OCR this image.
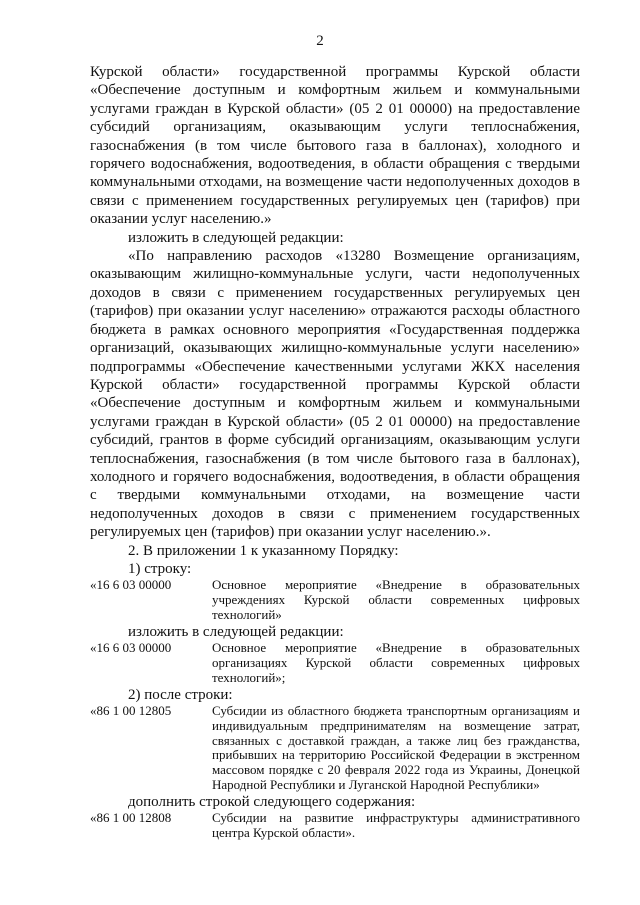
2

Курской области» государственной программы Курской области «Обеспечение доступным и комфортным жильем и коммунальными услугами граждан в Курской области» (05 2 01 00000) на предоставление субсидий организациям, оказывающим услуги теплоснабжения, газоснабжения (в том числе бытового газа в баллонах), холодного и горячего водоснабжения, водоотведения, в области обращения с твердыми коммунальными отходами, на возмещение части недополученных доходов в связи с применением государственных регулируемых цен (тарифов) при оказании услуг населению.»

изложить в следующей редакции:

«По направлению расходов «13280 Возмещение организациям, оказывающим жилищно-коммунальные услуги, части недополученных доходов в связи с применением государственных регулируемых цен (тарифов) при оказании услуг населению» отражаются расходы областного бюджета в рамках основного мероприятия «Государственная поддержка организаций, оказывающих жилищно-коммунальные услуги населению» подпрограммы «Обеспечение качественными услугами ЖКХ населения Курской области» государственной программы Курской области «Обеспечение доступным и комфортным жильем и коммунальными услугами граждан в Курской области» (05 2 01 00000) на предоставление субсидий, грантов в форме субсидий организациям, оказывающим услуги теплоснабжения, газоснабжения (в том числе бытового газа в баллонах), холодного и горячего водоснабжения, водоотведения, в области обращения с твердыми коммунальными отходами, на возмещение части недополученных доходов в связи с применением государственных регулируемых цен (тарифов) при оказании услуг населению.».

2. В приложении 1 к указанному Порядку:

1) строку:

«16 6 03 00000	Основное мероприятие «Внедрение в образовательных учреждениях Курской области современных цифровых технологий»

изложить в следующей редакции:

«16 6 03 00000	Основное мероприятие «Внедрение в образовательных организациях Курской области современных цифровых технологий»;

2) после строки:

«86 1 00 12805	Субсидии из областного бюджета транспортным организациям и индивидуальным предпринимателям на возмещение затрат, связанных с доставкой граждан, а также лиц без гражданства, прибывших на территорию Российской Федерации в экстренном массовом порядке с 20 февраля 2022 года из Украины, Донецкой Народной Республики и Луганской Народной Республики»

дополнить строкой следующего содержания:

«86 1 00 12808	Субсидии на развитие инфраструктуры административного центра Курской области».
